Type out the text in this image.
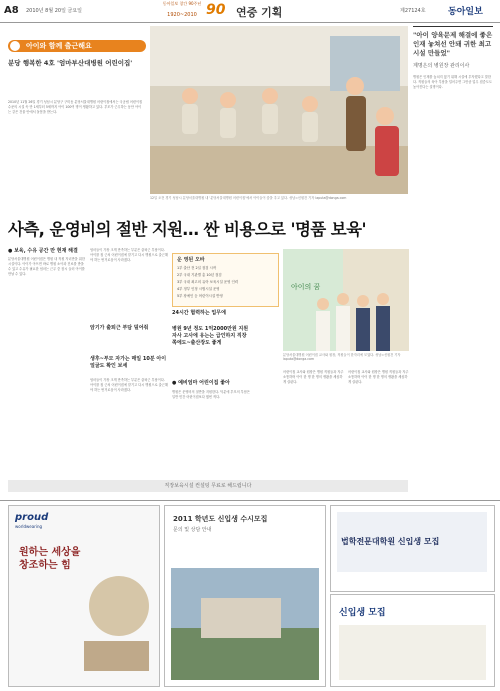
A8 2010년 8월 20일 금요일
동아일보 창간 90주년
1920~2010 90 연중 기획	제27124호 동아일보
아이와 함께 출근해요
분당 행복한 4호 '엄마부산대병원 어린이집'
2010년 11월 26일 경기 성남시 분당구 구미동 분당서울대병원 어린이집에서는 국공립 어린이집 수준의 시설 속 만 1세부터 5세까지 아이 100여 명이 생활하고 있다. 부모가 근무하는 동안 아이는 같은 건물 안에서 돌봄을 받는다.
12일 오전 경기 성남시 분당서울대병원 내 '분당서울대병원 어린이집'에서 아이들이 춤을 추고 있다. 성남=신원건 기자 laputa@donga.com
"아이 양육문제 해결에 좋은 인재 놓쳐선 안돼 귀한 최고시설 만들었"
계명은의 병원장 관리이사
병원은 인재를 놓치지 않기 위해 시설에 투자했다고 말한다. 직원들의 육아 부담을 덜어주면 그만큼 업무 집중도도 높아진다는 설명이다.
사측, 운영비의 절반 지원… 싼 비용으로 '명품 보육'
● 보육, 수유 공간 만 현재 해결
분당서울대병원 어린이집은 병원 내 직원 자녀만을 위한 시설이다. 아이가 아프면 바로 병원 소아과 진료를 받을 수 있고 수유가 필요한 엄마는 근무 중 잠시 들러 아이를 만날 수 있다.
암기가 출퇴근 부담 덜어줘
생후~부모 자가는 매일 10분 아이 얼굴도 확인 보세
엄마들이 가장 크게 만족하는 부분은 출퇴근 부담이다. 아이를 집 근처 어린이집에 맡기고 다시 병원으로 출근해야 하는 번거로움이 사라졌다.
엄마들이 가장 크게 만족하는 부분은 출퇴근 부담이다. 아이를 집 근처 어린이집에 맡기고 다시 병원으로 출근해야 하는 번거로움이 사라졌다.
운 영된 오바
1부 출산 전 2일 점검 시작
2부 국내 기관별 총 10년 점검
3부 국내 최고의 유아 보육시설 운영 인력
4부 정부 인정 시범시설 운영
5부 장애인 등 어린이시설 반영
24시간 협력하는 업무에
병원 9년 정도 1억2000만원 지원 자사 고사에 유는는 급인하지 직장 쪽에도~출산장도 좋게
● 예비엄마 어린이집 좋아
병원은 운영비의 절반을 지원한다. 덕분에 부모의 부담은 일반 민간 어린이집보다 훨씬 적다.
아이의 꿈
분당서울대병원 어린이집 교사와 원장, 직원들이 한자리에 모였다. 성남=신원건 기자 laputa@donga.com
어린이집 교사와 원장은 병원 직원들과 자주 소통하며 아이 한 명 한 명의 생활을 세심하게 살핀다.
어린이집 교사와 원장은 병원 직원들과 자주 소통하며 아이 한 명 한 명의 생활을 세심하게 살핀다.
직장보육시설 컨설팅 무료로 해드립니다
proud
worldwearing
원하는 세상을 창조하는 힘
2011 학년도 신입생 수시모집
문의 및 상담 안내
법학전문대학원 신입생 모집
신입생 모집
